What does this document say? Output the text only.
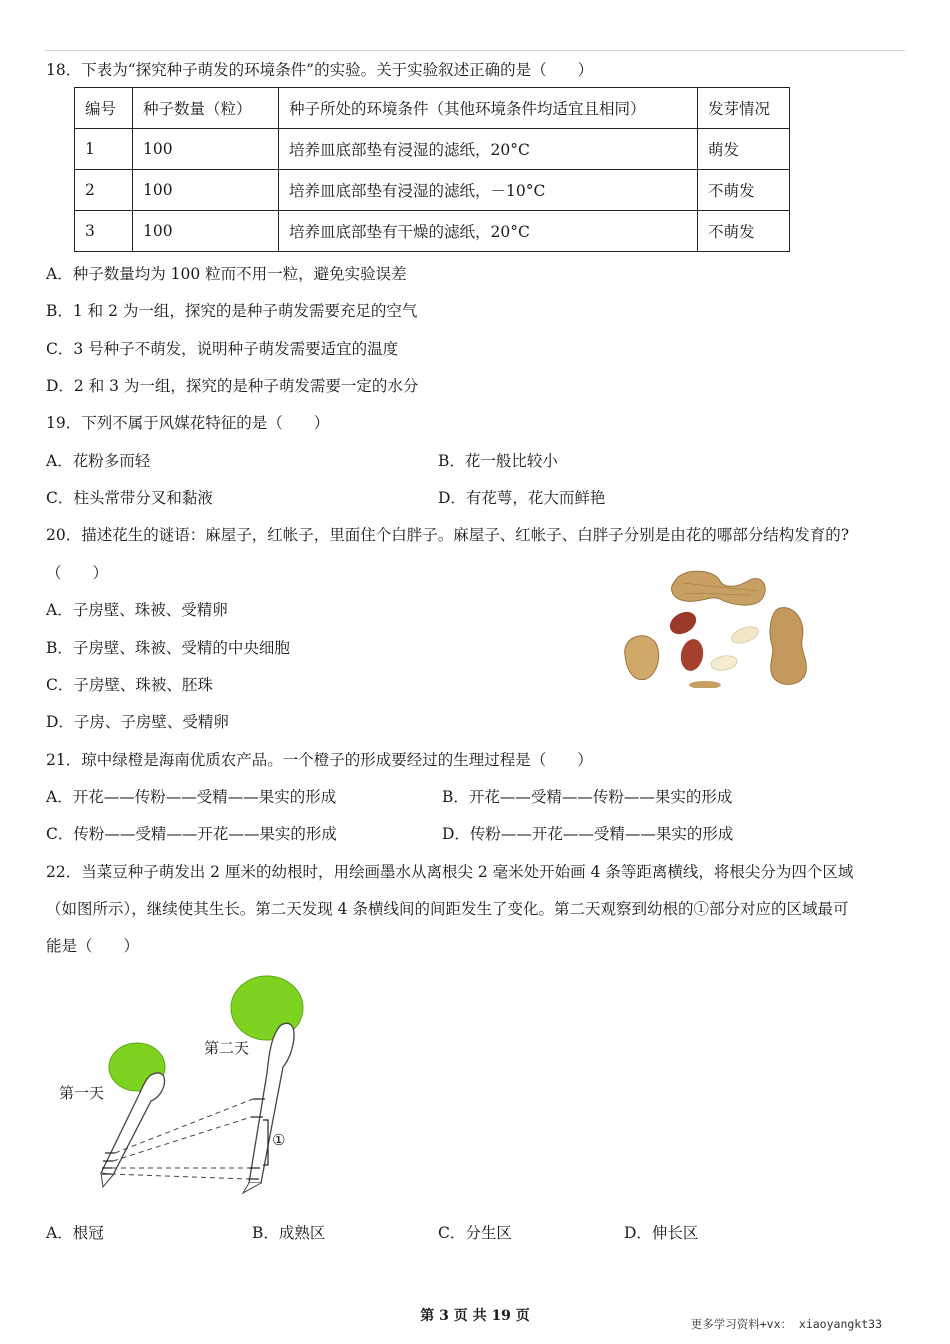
18．下表为“探究种子萌发的环境条件”的实验。关于实验叙述正确的是（　　）
编号	种子数量（粒）	种子所处的环境条件（其他环境条件均适宜且相同）	发芽情况
1	100	培养皿底部垫有浸湿的滤纸，20°C	萌发
2	100	培养皿底部垫有浸湿的滤纸，－10°C	不萌发
3	100	培养皿底部垫有干燥的滤纸，20°C	不萌发
A．种子数量均为 100 粒而不用一粒，避免实验误差
B．1 和 2 为一组，探究的是种子萌发需要充足的空气
C．3 号种子不萌发，说明种子萌发需要适宜的温度
D．2 和 3 为一组，探究的是种子萌发需要一定的水分
19．下列不属于风媒花特征的是（　　）
A．花粉多而轻	B．花一般比较小
C．柱头常带分叉和黏液	D．有花萼，花大而鲜艳
20．描述花生的谜语：麻屋子，红帐子，里面住个白胖子。麻屋子、红帐子、白胖子分别是由花的哪部分结构发育的?
（　　）
A．子房壁、珠被、受精卵
B．子房壁、珠被、受精的中央细胞
C．子房壁、珠被、胚珠
D．子房、子房壁、受精卵
21．琼中绿橙是海南优质农产品。一个橙子的形成要经过的生理过程是（　　）
A．开花——传粉——受精——果实的形成	B．开花——受精——传粉——果实的形成
C．传粉——受精——开花——果实的形成	D．传粉——开花——受精——果实的形成
22．当菜豆种子萌发出 2 厘米的幼根时，用绘画墨水从离根尖 2 毫米处开始画 4 条等距离横线，将根尖分为四个区域
（如图所示），继续使其生长。第二天发现 4 条横线间的间距发生了变化。第二天观察到幼根的①部分对应的区域最可
能是（　　）
第一天
第二天
①
A．根冠	B．成熟区	C．分生区	D．伸长区
第 3 页 共 19 页	更多学习资料+vx： xiaoyangkt33
